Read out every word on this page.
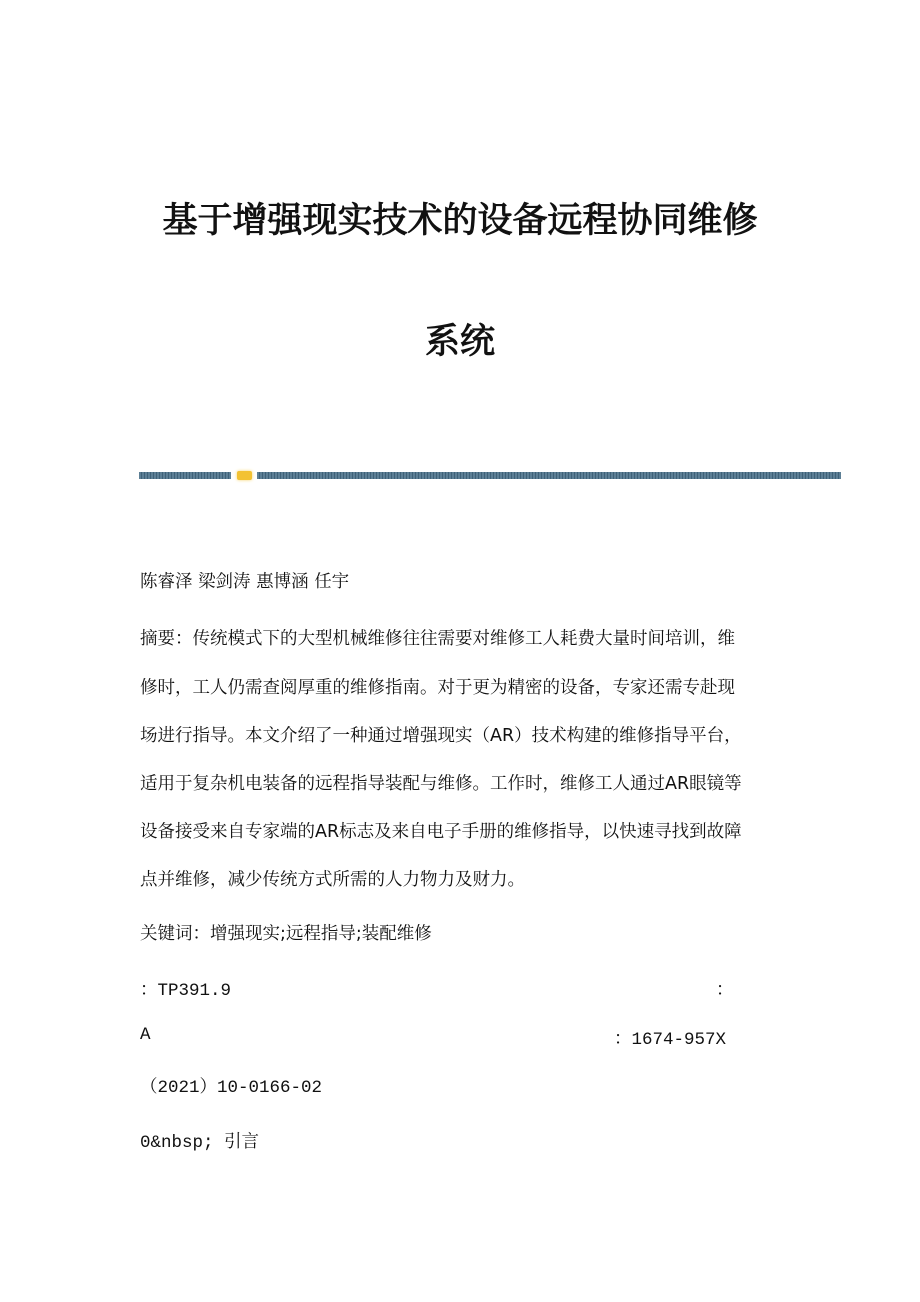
基于增强现实技术的设备远程协同维修
系统
陈睿泽 梁剑涛 惠博涵 任宇
摘要：传统模式下的大型机械维修往往需要对维修工人耗费大量时间培训，维
修时，工人仍需查阅厚重的维修指南。对于更为精密的设备，专家还需专赴现
场进行指导。本文介绍了一种通过增强现实（AR）技术构建的维修指导平台，
适用于复杂机电装备的远程指导装配与维修。工作时，维修工人通过AR眼镜等
设备接受来自专家端的AR标志及来自电子手册的维修指导，以快速寻找到故障
点并维修，减少传统方式所需的人力物力及财力。
关键词：增强现实;远程指导;装配维修
：TP391.9	：
A	：1674-957X
（2021）10-0166-02
0&nbsp; 引言
